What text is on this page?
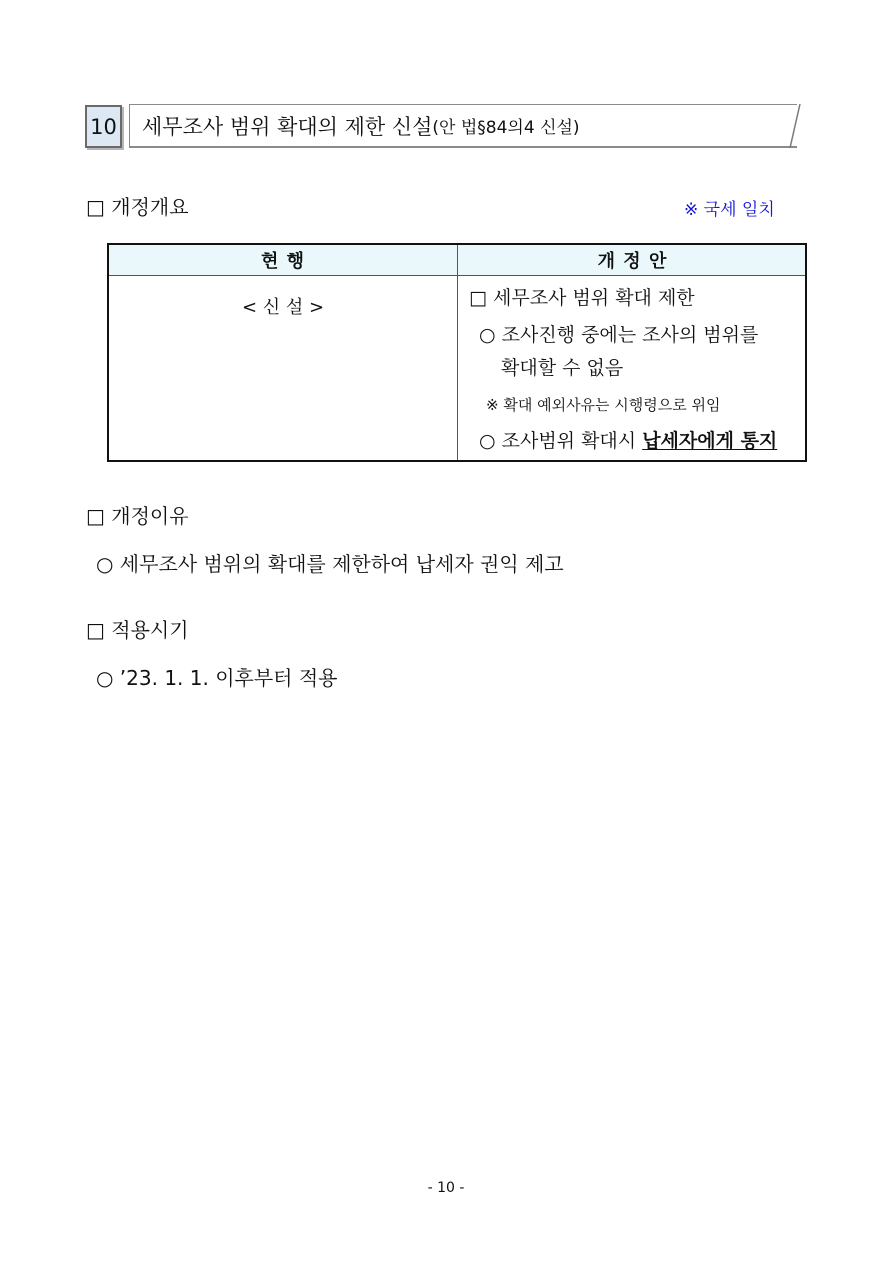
10 세무조사 범위 확대의 제한 신설 (안 법§84의4 신설)
□ 개정개요	※ 국세 일치
현 행	개 정 안
< 신 설 >	□ 세무조사 범위 확대 제한
○ 조사진행 중에는 조사의 범위를
확대할 수 없음
※ 확대 예외사유는 시행령으로 위임
○ 조사범위 확대시 납세자에게 통지
□ 개정이유
○ 세무조사 범위의 확대를 제한하여 납세자 권익 제고
□ 적용시기
○ ’23. 1. 1. 이후부터 적용
- 10 -
